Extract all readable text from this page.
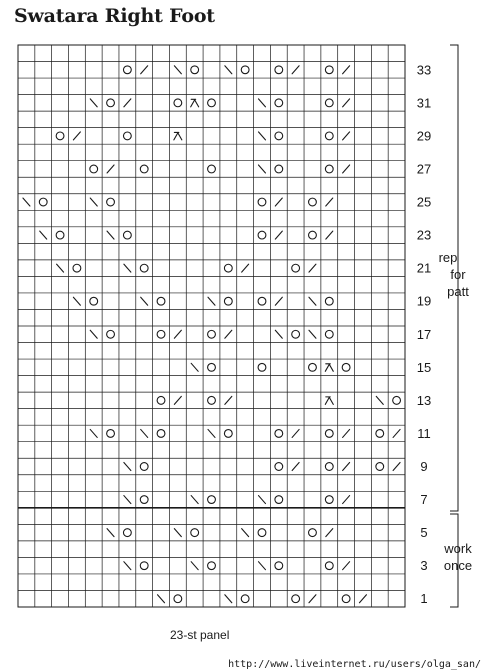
Swatara Right Foot
33
31
29
27
25
23
21
19
17
15
13
11
9
7
5
3
1
rep
for
patt
work
once
23-st panel
http://www.liveinternet.ru/users/olga_san/
